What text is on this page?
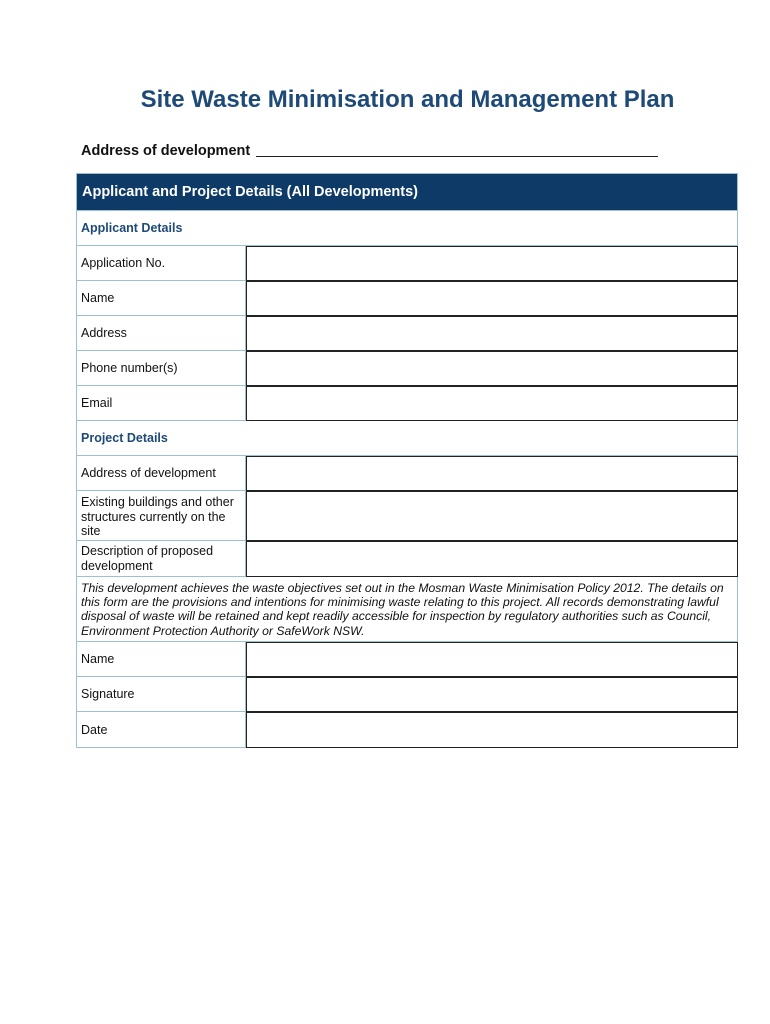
Site Waste Minimisation and Management Plan
Address of development
Applicant and Project Details (All Developments)
Applicant Details
Application No.
Name
Address
Phone number(s)
Email
Project Details
Address of development
Existing buildings and other structures currently on the site
Description of proposed development
This development achieves the waste objectives set out in the Mosman Waste Minimisation Policy 2012. The details on this form are the provisions and intentions for minimising waste relating to this project. All records demonstrating lawful disposal of waste will be retained and kept readily accessible for inspection by regulatory authorities such as Council, Environment Protection Authority or SafeWork NSW.
Name
Signature
Date
